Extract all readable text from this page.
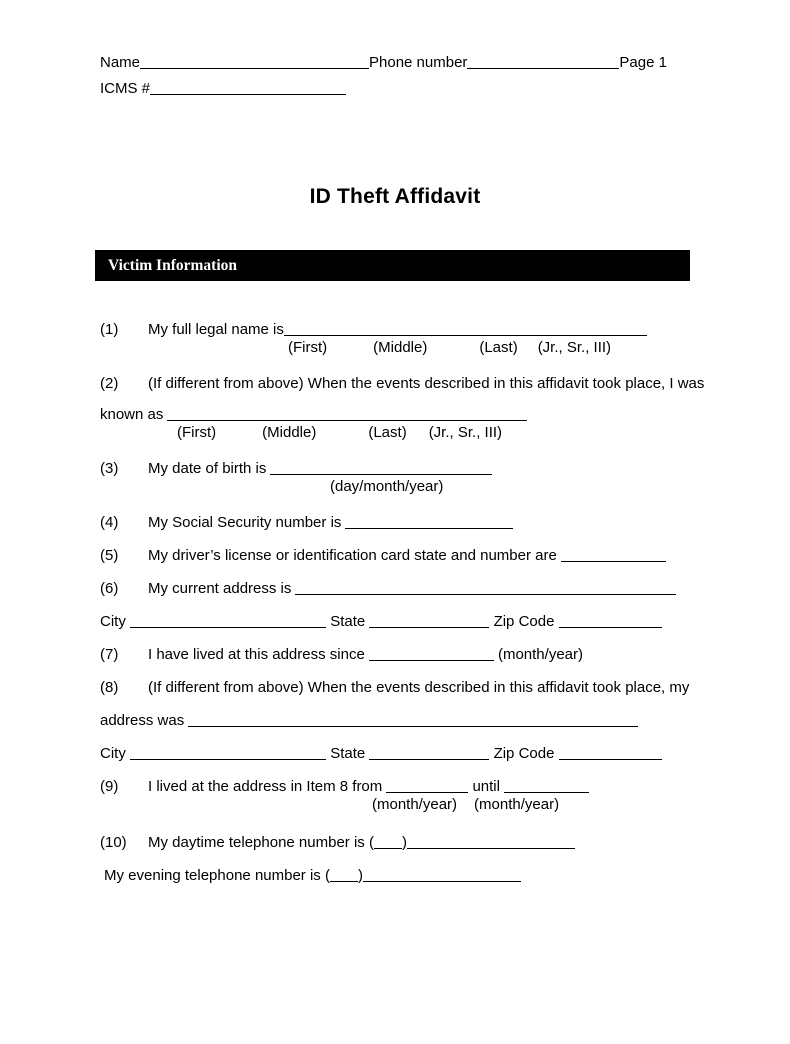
Name	Phone number	Page 1
ICMS #
ID Theft Affidavit
Victim Information
(1) My full legal name is
(First)	(Middle)	(Last) (Jr., Sr., III)
(2) (If different from above) When the events described in this affidavit took place, I was
known as
(First)	(Middle)	(Last) (Jr., Sr., III)
(3) My date of birth is
(day/month/year)
(4) My Social Security number is
(5) My driver’s license or identification card state and number are
(6) My current address is
City	State	Zip Code
(7) I have lived at this address since	(month/year)
(8) (If different from above) When the events described in this affidavit took place, my
address was
City	State	Zip Code
(9) I lived at the address in Item 8 from	until
(month/year) (month/year)
(10) My daytime telephone number is ( )
My evening telephone number is ( )
